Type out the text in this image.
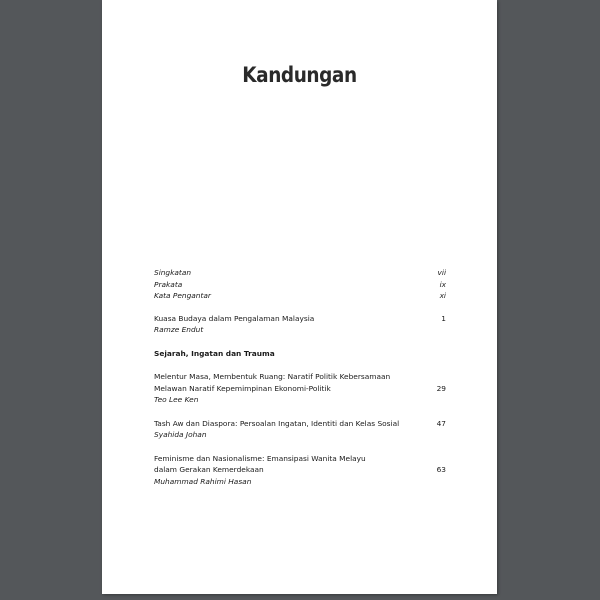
Kandungan
Singkatan	vii
Prakata	ix
Kata Pengantar	xi
Kuasa Budaya dalam Pengalaman Malaysia	1
Ramze Endut
Sejarah, Ingatan dan Trauma
Melentur Masa, Membentuk Ruang: Naratif Politik Kebersamaan
Melawan Naratif Kepemimpinan Ekonomi-Politik	29
Teo Lee Ken
Tash Aw dan Diaspora: Persoalan Ingatan, Identiti dan Kelas Sosial	47
Syahida Johan
Feminisme dan Nasionalisme: Emansipasi Wanita Melayu
dalam Gerakan Kemerdekaan	63
Muhammad Rahimi Hasan
